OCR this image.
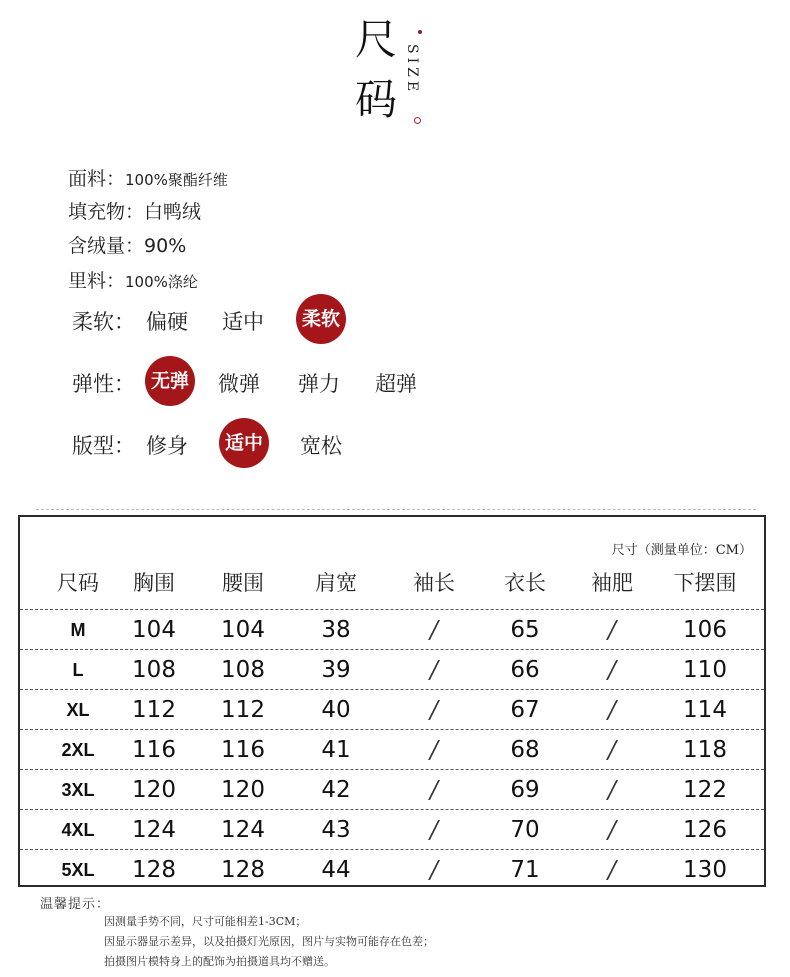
尺
码
SIZE
面料：100%聚酯纤维
填充物：白鸭绒
含绒量：90%
里料：100%涤纶
柔软： 偏硬 适中	柔软
弹性： 无弹 微弹 弹力 超弹
版型： 修身	适中 宽松
尺寸（测量单位：CM）
尺码 胸围 腰围 肩宽	袖长 衣长 袖肥 下摆围
M 104 104 38	/	65	/	106
L 108 108 39	/	66	/	110
XL 112 112 40	/	67	/	114
2XL 116 116 41	/	68	/	118
3XL 120 120 42	/	69	/	122
4XL 124 124 43	/	70	/	126
5XL 128 128 44	/	71	/	130
温馨提示：
因测量手势不同，尺寸可能相差1-3CM；
因显示器显示差异，以及拍摄灯光原因，图片与实物可能存在色差；
拍摄图片模特身上的配饰为拍摄道具均不赠送。
